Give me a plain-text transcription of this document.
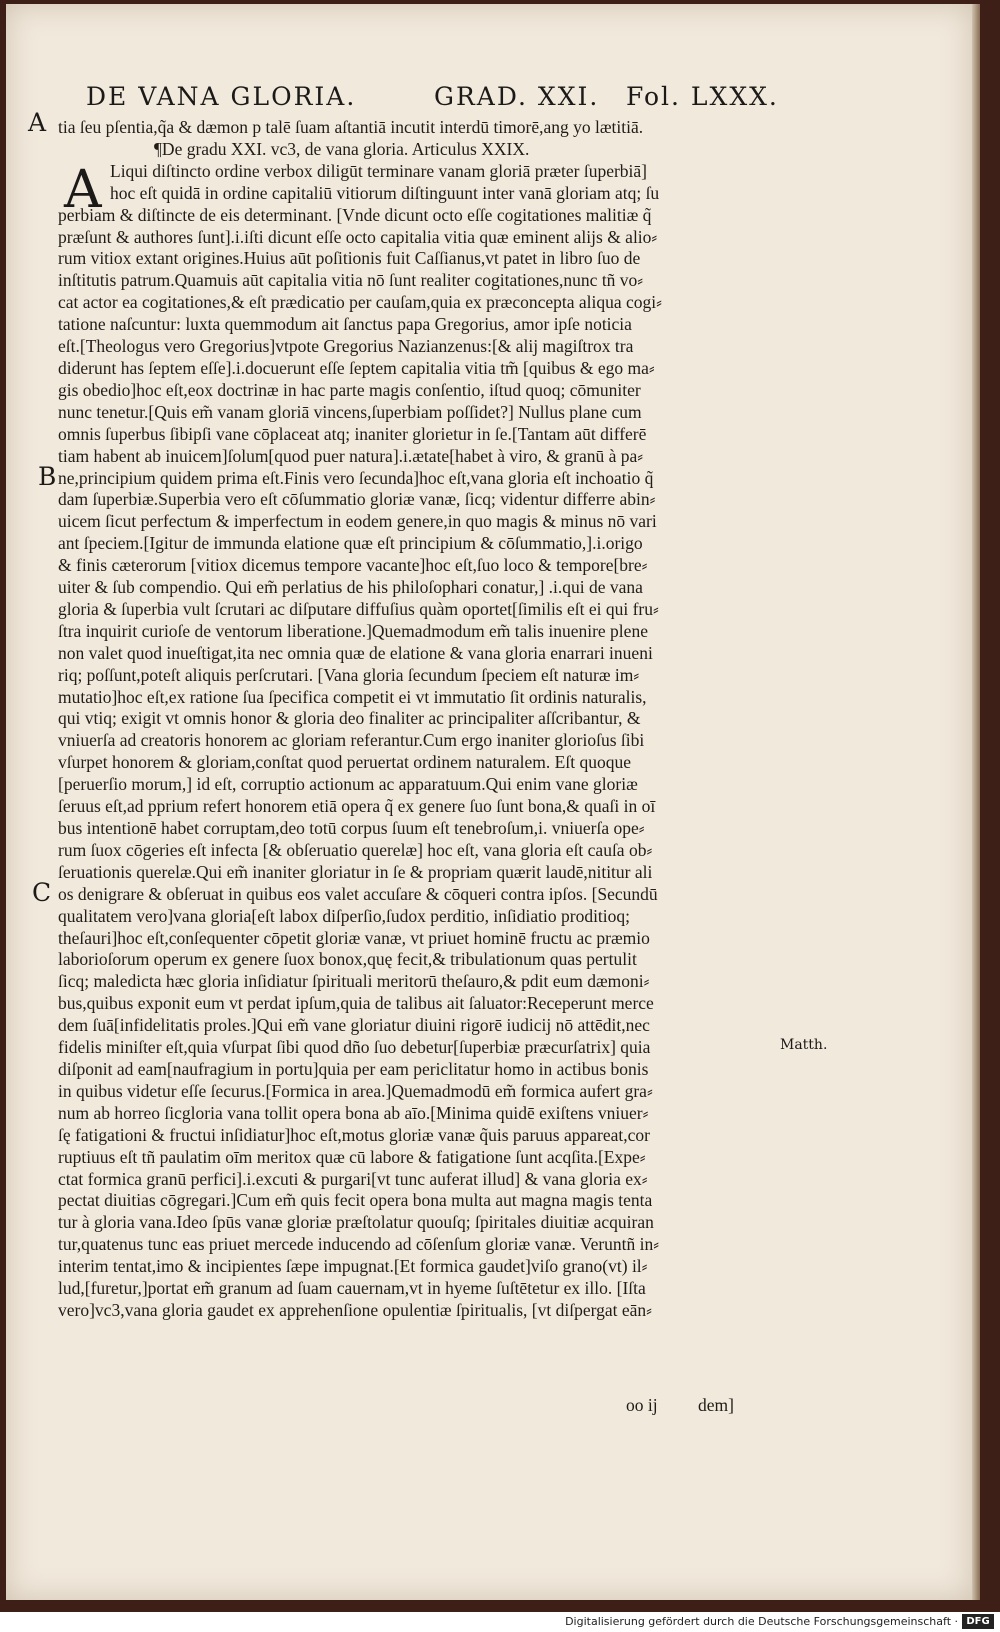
DE VANA GLORIA.	GRAD. XXI. Fol. LXXX.
A
B
C
Matth.
A
tia ſeu pſentia,q̃a & dæmon p talē ſuam aſtantiā incutit interdū timorē,ang yo lætitiā.
¶De gradu XXI. vc3, de vana gloria. Articulus XXIX.
Liqui diſtincto ordine verbox diligūt terminare vanam gloriā præter ſuperbiā]
hoc eſt quidā in ordine capitaliū vitiorum diſtinguunt inter vanā gloriam atq; ſu
perbiam & diſtincte de eis determinant. [Vnde dicunt octo eſſe cogitationes malitiæ q̃
præſunt & authores ſunt].i.iſti dicunt eſſe octo capitalia vitia quæ eminent alijs & alio⸗
rum vitiox extant origines.Huius aūt poſitionis fuit Caſſianus,vt patet in libro ſuo de
inſtitutis patrum.Quamuis aūt capitalia vitia nō ſunt realiter cogitationes,nunc tñ vo⸗
cat actor ea cogitationes,& eſt prædicatio per cauſam,quia ex præconcepta aliqua cogi⸗
tatione naſcuntur: luxta quemmodum ait ſanctus papa Gregorius, amor ipſe noticia
eſt.[Theologus vero Gregorius]vtpote Gregorius Nazianzenus:[& alij magiſtrox tra
diderunt has ſeptem eſſe].i.docuerunt eſſe ſeptem capitalia vitia tm̃ [quibus & ego ma⸗
gis obedio]hoc eſt,eox doctrinæ in hac parte magis conſentio, iſtud quoq; cōmuniter
nunc tenetur.[Quis em̃ vanam gloriā vincens,ſuperbiam poſſidet?] Nullus plane cum
omnis ſuperbus ſibipſi vane cōplaceat atq; inaniter glorietur in ſe.[Tantam aūt differē
tiam habent ab inuicem]ſolum[quod puer natura].i.ætate[habet à viro, & granū à pa⸗
ne,principium quidem prima eſt.Finis vero ſecunda]hoc eſt,vana gloria eſt inchoatio q̃
dam ſuperbiæ.Superbia vero eſt cōſummatio gloriæ vanæ, ſicq; videntur differre abin⸗
uicem ſicut perfectum & imperfectum in eodem genere,in quo magis & minus nō vari
ant ſpeciem.[Igitur de immunda elatione quæ eſt principium & cōſummatio,].i.origo
& finis cæterorum [vitiox dicemus tempore vacante]hoc eſt,ſuo loco & tempore[bre⸗
uiter & ſub compendio. Qui em̃ perlatius de his philoſophari conatur,] .i.qui de vana
gloria & ſuperbia vult ſcrutari ac diſputare diffuſius quàm oportet[ſimilis eſt ei qui fru⸗
ſtra inquirit curioſe de ventorum liberatione.]Quemadmodum em̃ talis inuenire plene
non valet quod inueſtigat,ita nec omnia quæ de elatione & vana gloria enarrari inueni
riq; poſſunt,poteſt aliquis perſcrutari. [Vana gloria ſecundum ſpeciem eſt naturæ im⸗
mutatio]hoc eſt,ex ratione ſua ſpecifica competit ei vt immutatio ſit ordinis naturalis,
qui vtiq; exigit vt omnis honor & gloria deo finaliter ac principaliter aſſcribantur, &
vniuerſa ad creatoris honorem ac gloriam referantur.Cum ergo inaniter glorioſus ſibi
vſurpet honorem & gloriam,conſtat quod peruertat ordinem naturalem. Eſt quoque
[peruerſio morum,] id eſt, corruptio actionum ac apparatuum.Qui enim vane gloriæ
ſeruus eſt,ad pprium refert honorem etiā opera q̃ ex genere ſuo ſunt bona,& quaſi in oī
bus intentionē habet corruptam,deo totū corpus ſuum eſt tenebroſum,i. vniuerſa ope⸗
rum ſuox cōgeries eſt infecta [& obſeruatio querelæ] hoc eſt, vana gloria eſt cauſa ob⸗
ſeruationis querelæ.Qui em̃ inaniter gloriatur in ſe & propriam quærit laudē,nititur ali
os denigrare & obſeruat in quibus eos valet accuſare & cōqueri contra ipſos. [Secundū
qualitatem vero]vana gloria[eſt labox diſperſio,ſudox perditio, inſidiatio proditioq;
theſauri]hoc eſt,conſequenter cōpetit gloriæ vanæ, vt priuet hominē fructu ac præmio
laborioſorum operum ex genere ſuox bonox,quę fecit,& tribulationum quas pertulit
ſicq; maledicta hæc gloria inſidiatur ſpirituali meritorū theſauro,& pdit eum dæmoni⸗
bus,quibus exponit eum vt perdat ipſum,quia de talibus ait ſaluator:Receperunt merce
dem ſuā[infidelitatis proles.]Qui em̃ vane gloriatur diuini rigorē iudicij nō attēdit,nec
fidelis miniſter eſt,quia vſurpat ſibi quod dño ſuo debetur[ſuperbiæ præcurſatrix] quia
diſponit ad eam[naufragium in portu]quia per eam periclitatur homo in actibus bonis
in quibus videtur eſſe ſecurus.[Formica in area.]Quemadmodū em̃ formica aufert gra⸗
num ab horreo ſicgloria vana tollit opera bona ab aīo.[Minima quidē exiſtens vniuer⸗
ſę fatigationi & fructui inſidiatur]hoc eſt,motus gloriæ vanæ q̃uis paruus appareat,cor
ruptiuus eſt tñ paulatim oīm meritox quæ cū labore & fatigatione ſunt acqſita.[Expe⸗
ctat formica granū perfici].i.excuti & purgari[vt tunc auferat illud] & vana gloria ex⸗
pectat diuitias cōgregari.]Cum em̃ quis fecit opera bona multa aut magna magis tenta
tur à gloria vana.Ideo ſpūs vanæ gloriæ præſtolatur quouſq; ſpiritales diuitiæ acquiran
tur,quatenus tunc eas priuet mercede inducendo ad cōſenſum gloriæ vanæ. Veruntñ in⸗
interim tentat,imo & incipientes ſæpe impugnat.[Et formica gaudet]viſo grano(vt) il⸗
lud,[furetur,]portat em̃ granum ad ſuam cauernam,vt in hyeme ſuſtētetur ex illo. [Iſta
vero]vc3,vana gloria gaudet ex apprehenſione opulentiæ ſpiritualis, [vt diſpergat eān⸗
oo ij dem]
Digitalisierung gefördert durch die Deutsche Forschungsgemeinschaft · DFG
